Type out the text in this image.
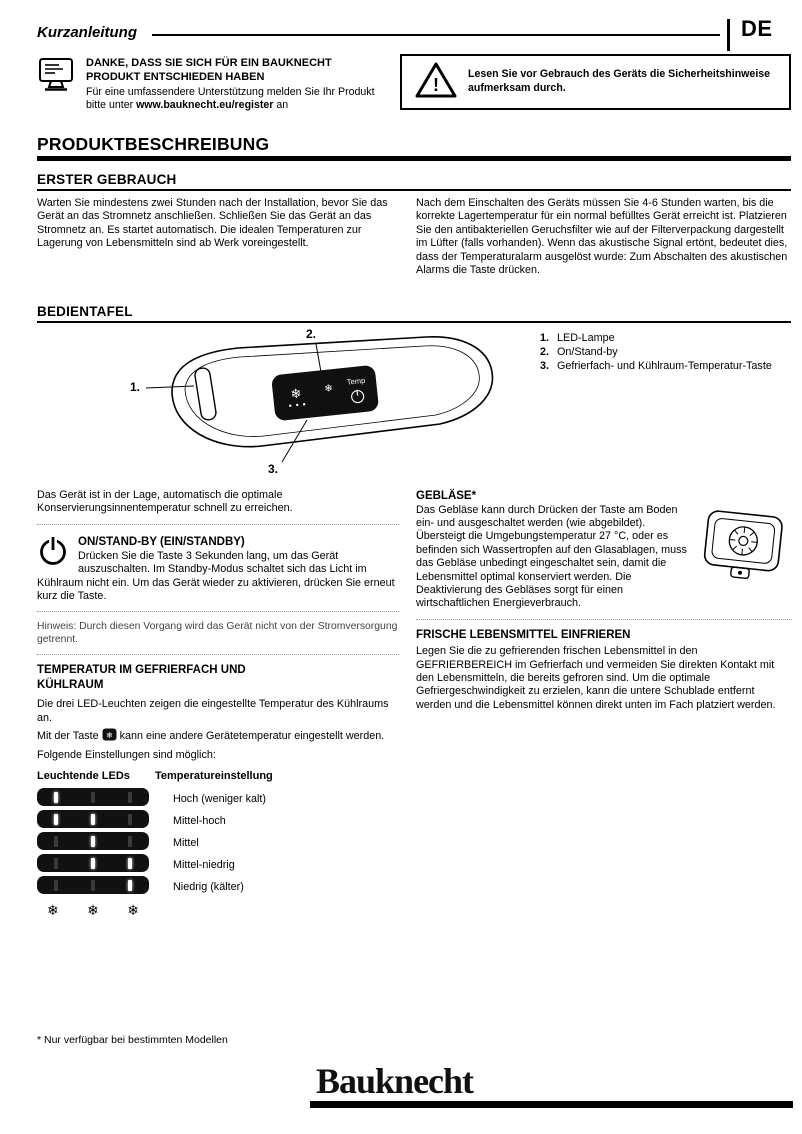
Kurzanleitung	DE
DANKE, DASS SIE SICH FÜR EIN BAUKNECHT PRODUKT ENTSCHIEDEN HABEN
Für eine umfassendere Unterstützung melden Sie Ihr Produkt bitte unter www.bauknecht.eu/register an
!
Lesen Sie vor Gebrauch des Geräts die Sicherheitshinweise aufmerksam durch.
PRODUKTBESCHREIBUNG
ERSTER GEBRAUCH
Warten Sie mindestens zwei Stunden nach der Installation, bevor Sie das Gerät an das Stromnetz anschließen. Schließen Sie das Gerät an das Stromnetz an. Es startet automatisch. Die idealen Temperaturen zur Lagerung von Lebensmitteln sind ab Werk voreingestellt.
Nach dem Einschalten des Geräts müssen Sie 4-6 Stunden warten, bis die korrekte Lagertemperatur für ein normal befülltes Gerät erreicht ist. Platzieren Sie den antibakteriellen Geruchsfilter wie auf der Filterverpackung dargestellt im Lüfter (falls vorhanden). Wenn das akustische Signal ertönt, bedeutet dies, dass der Temperaturalarm ausgelöst wurde: Zum Abschalten des akustischen Alarms die Taste drücken.
BEDIENTAFEL
1.
2.
3.
❄ ❄
Temp
1. LED-Lampe
2. On/Stand-by
3. Gefrierfach- und Kühlraum-Temperatur-Taste
Das Gerät ist in der Lage, automatisch die optimale Konservierungsinnentemperatur schnell zu erreichen.
ON/STAND-BY (EIN/STANDBY)
Drücken Sie die Taste 3 Sekunden lang, um das Gerät auszuschalten. Im Standby-Modus schaltet sich das Licht im Kühlraum nicht ein. Um das Gerät wieder zu aktivieren, drücken Sie erneut kurz die Taste.
Hinweis: Durch diesen Vorgang wird das Gerät nicht von der Stromversorgung getrennt.
TEMPERATUR IM GEFRIERFACH UND KÜHLRAUM
Die drei LED-Leuchten zeigen die eingestellte Temperatur des Kühlraums an.
Mit der Taste ❄ kann eine andere Gerätetemperatur eingestellt werden.
Folgende Einstellungen sind möglich:
Leuchtende LEDs	Temperatureinstellung
❄ ❄ ❄
Hoch (weniger kalt)
Mittel-hoch
Mittel
Mittel-niedrig
Niedrig (kälter)
GEBLÄSE*
Das Gebläse kann durch Drücken der Taste am Boden ein- und ausgeschaltet werden (wie abgebildet). Übersteigt die Umgebungstemperatur 27 °C, oder es befinden sich Wassertropfen auf den Glasablagen, muss das Gebläse unbedingt eingeschaltet sein, damit die Lebensmittel optimal konserviert werden. Die Deaktivierung des Gebläses sorgt für einen wirtschaftlichen Energieverbrauch.
FRISCHE LEBENSMITTEL EINFRIEREN
Legen Sie die zu gefrierenden frischen Lebensmittel in den GEFRIERBEREICH im Gefrierfach und vermeiden Sie direkten Kontakt mit den Lebensmitteln, die bereits gefroren sind. Um die optimale Gefriergeschwindigkeit zu erzielen, kann die untere Schublade entfernt werden und die Lebensmittel können direkt unten im Fach platziert werden.
* Nur verfügbar bei bestimmten Modellen
Bauknecht
